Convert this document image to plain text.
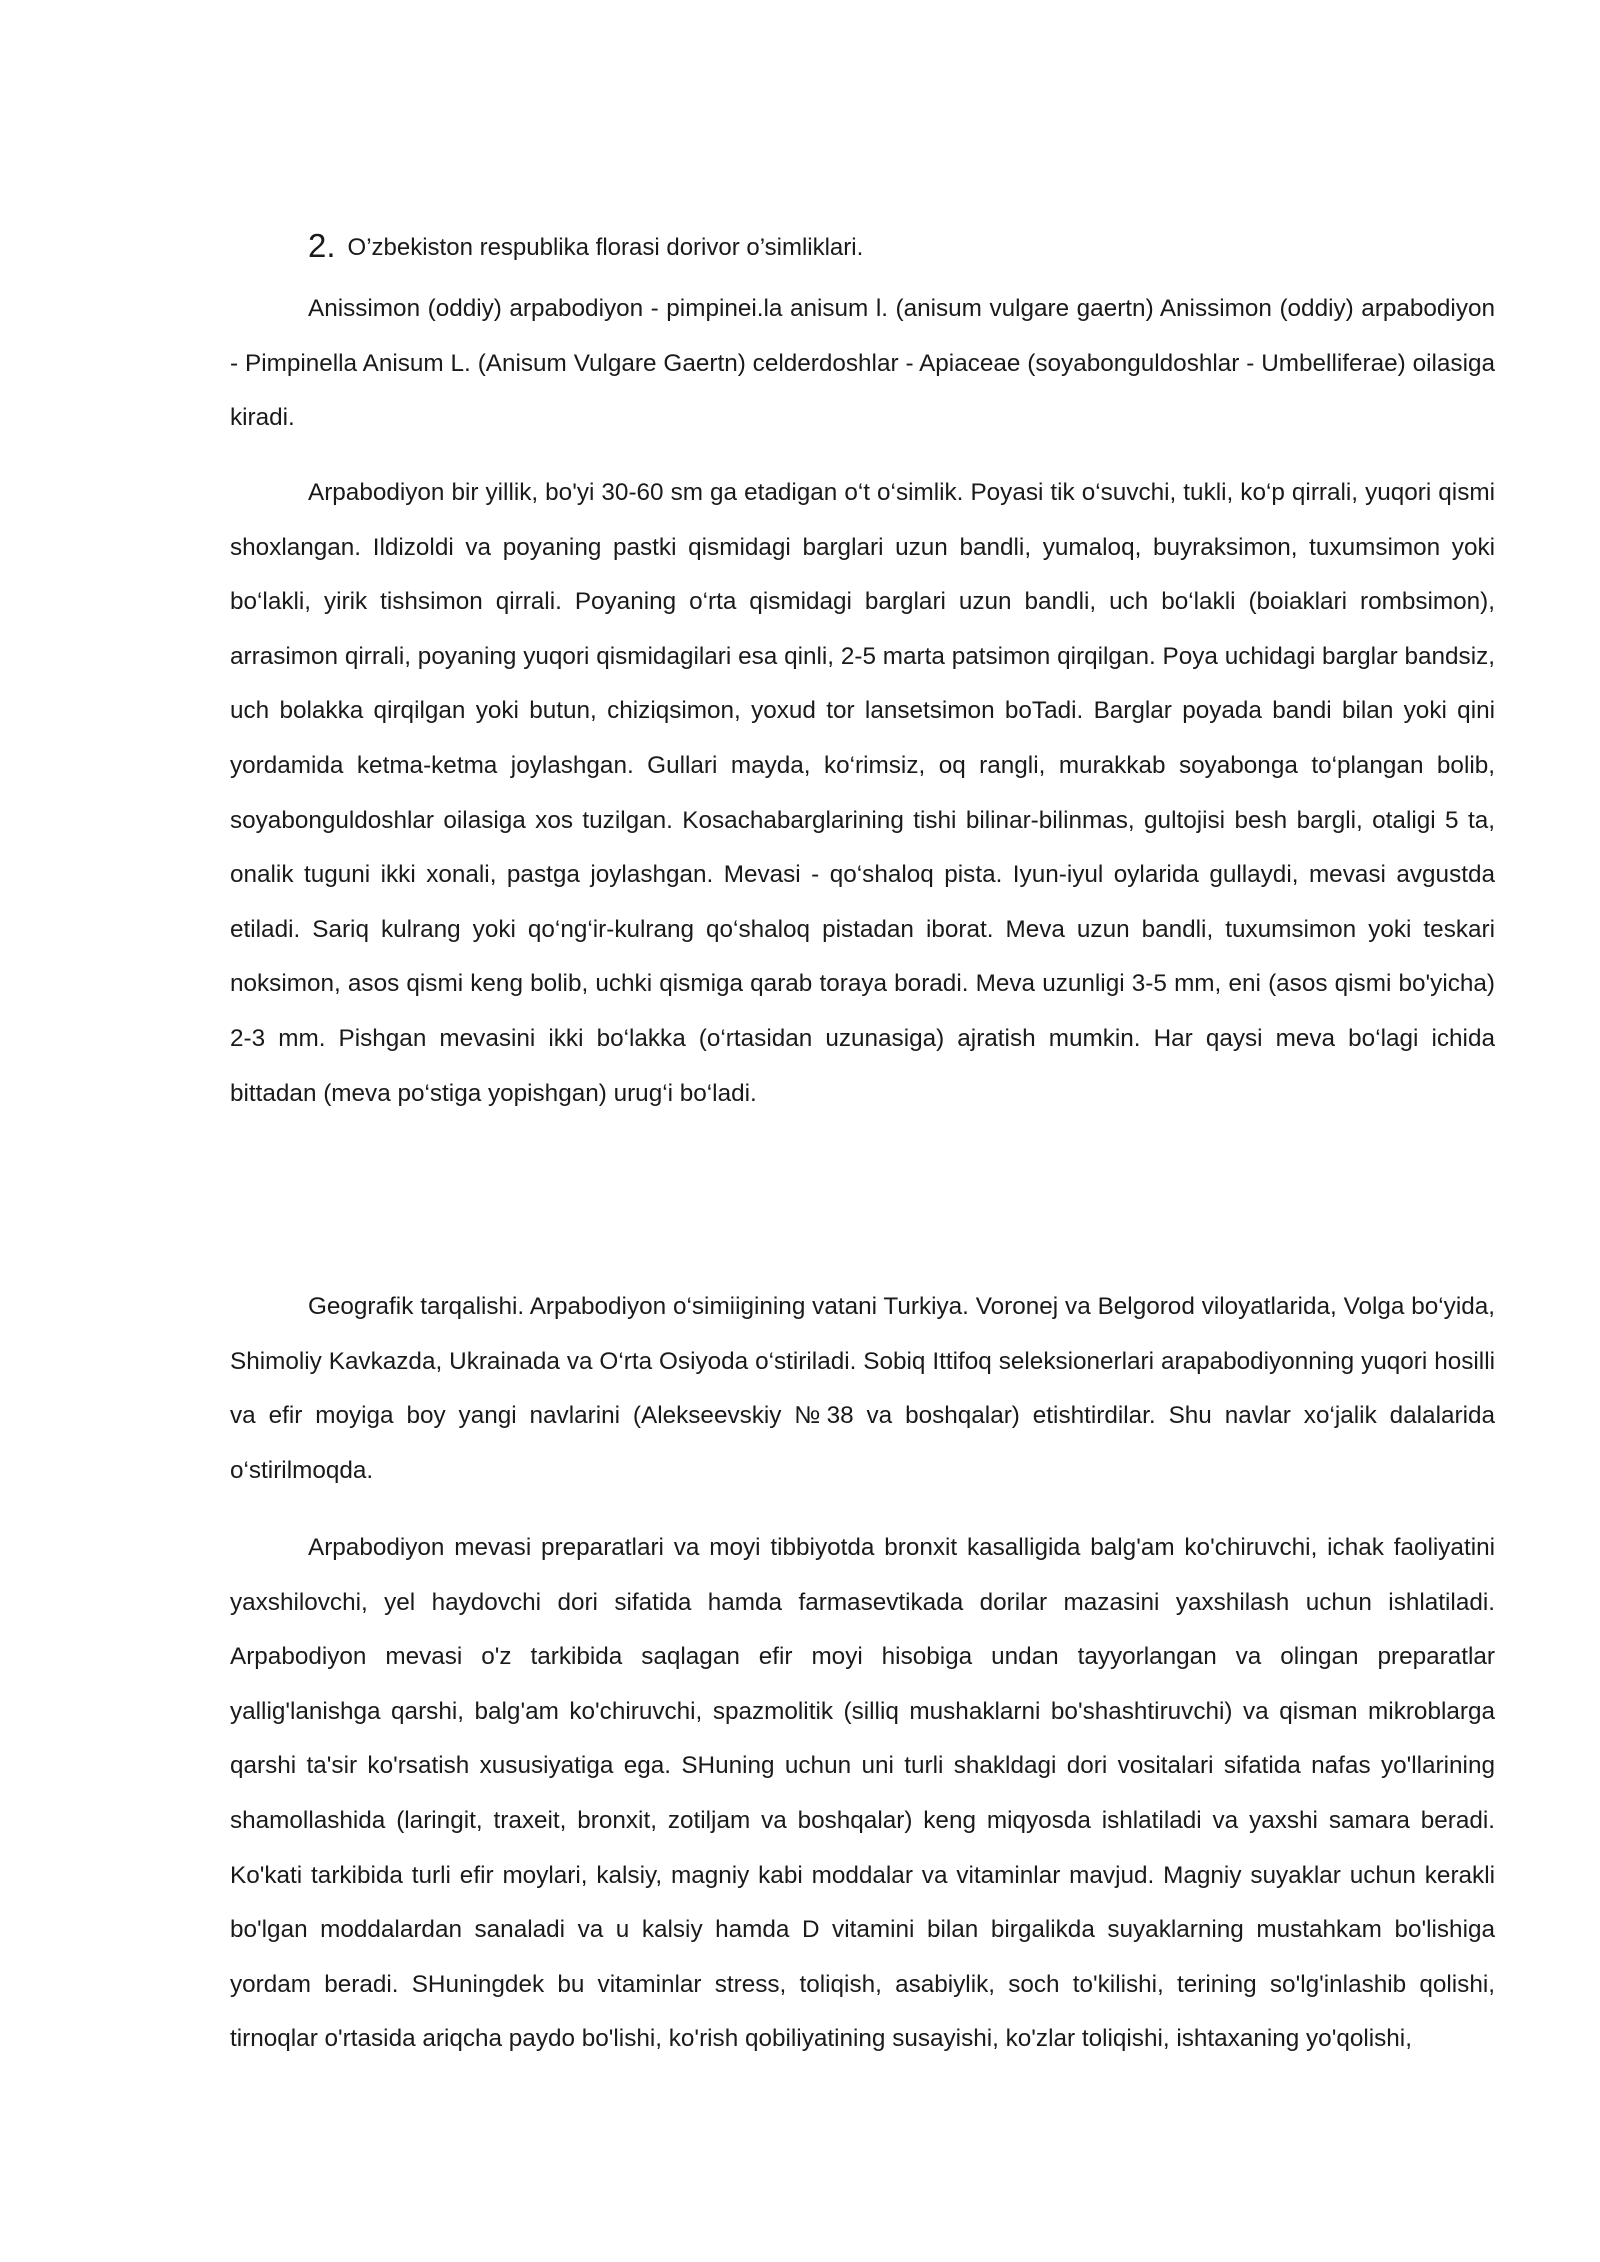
2. O’zbekiston respublika florasi dorivor o’simliklari.

Anissimon (oddiy) arpabodiyon - pimpinei.la anisum l. (anisum vulgare gaertn) Anissimon (oddiy) arpabodiyon - Pimpinella Anisum L. (Anisum Vulgare Gaertn) celderdoshlar - Apiaceae (soyabonguldoshlar - Umbelliferae) oilasiga kiradi.

Arpabodiyon bir yillik, bo'yi 30-60 sm ga etadigan o‘t o‘simlik. Poyasi tik o‘suvchi, tukli, ko‘p qirrali, yuqori qismi shoxlangan. Ildizoldi va poyaning pastki qismidagi barglari uzun bandli, yumaloq, buyraksimon, tuxumsimon yoki bo‘lakli, yirik tishsimon qirrali. Poyaning o‘rta qismidagi barglari uzun bandli, uch bo‘lakli (boiaklari rombsimon), arrasimon qirrali, poyaning yuqori qismidagilari esa qinli, 2-5 marta patsimon qirqilgan. Poya uchidagi barglar bandsiz, uch bolakka qirqilgan yoki butun, chiziqsimon, yoxud tor lansetsimon boTadi. Barglar poyada bandi bilan yoki qini yordamida ketma-ketma joylashgan. Gullari mayda, ko‘rimsiz, oq rangli, murakkab soyabonga to‘plangan bolib, soyabonguldoshlar oilasiga xos tuzilgan. Kosachabarglarining tishi bilinar-bilinmas, gultojisi besh bargli, otaligi 5 ta, onalik tuguni ikki xonali, pastga joylashgan. Mevasi - qo‘shaloq pista. Iyun-iyul oylarida gullaydi, mevasi avgustda etiladi. Sariq kulrang yoki qo‘ng‘ir-kulrang qo‘shaloq pistadan iborat. Meva uzun bandli, tuxumsimon yoki teskari noksimon, asos qismi keng bolib, uchki qismiga qarab toraya boradi. Meva uzunligi 3-5 mm, eni (asos qismi bo'yicha) 2-3 mm. Pishgan mevasini ikki bo‘lakka (o‘rtasidan uzunasiga) ajratish mumkin. Har qaysi meva bo‘lagi ichida bittadan (meva po‘stiga yopishgan) urug‘i bo‘ladi.

Geografik tarqalishi. Arpabodiyon o‘simiigining vatani Turkiya. Voronej va Belgorod viloyatlarida, Volga bo‘yida, Shimoliy Kavkazda, Ukrainada va O‘rta Osiyoda o‘stiriladi. Sobiq Ittifoq seleksionerlari arapabodiyonning yuqori hosilli va efir moyiga boy yangi navlarini (Alekseevskiy №38 va boshqalar) etishtirdilar. Shu navlar xo‘jalik dalalarida o‘stirilmoqda.

Arpabodiyon mevasi preparatlari va moyi tibbiyotda bronxit kasalligida balg'am ko'chiruvchi, ichak faoliyatini yaxshilovchi, yel haydovchi dori sifatida hamda farmasevtikada dorilar mazasini yaxshilash uchun ishlatiladi. Arpabodiyon mevasi o'z tarkibida saqlagan efir moyi hisobiga undan tayyorlangan va olingan preparatlar yallig'lanishga qarshi, balg'am ko'chiruvchi, spazmolitik (silliq mushaklarni bo'shashtiruvchi) va qisman mikroblarga qarshi ta'sir ko'rsatish xususiyatiga ega. SHuning uchun uni turli shakldagi dori vositalari sifatida nafas yo'llarining shamollashida (laringit, traxeit, bronxit, zotiljam va boshqalar) keng miqyosda ishlatiladi va yaxshi samara beradi. Ko'kati tarkibida turli efir moylari, kalsiy, magniy kabi moddalar va vitaminlar mavjud. Magniy suyaklar uchun kerakli bo'lgan moddalardan sanaladi va u kalsiy hamda D vitamini bilan birgalikda suyaklarning mustahkam bo'lishiga yordam beradi. SHuningdek bu vitaminlar stress, toliqish, asabiylik, soch to'kilishi, terining so'lg'inlashib qolishi, tirnoqlar o'rtasida ariqcha paydo bo'lishi, ko'rish qobiliyatining susayishi, ko'zlar toliqishi, ishtaxaning yo'qolishi,
